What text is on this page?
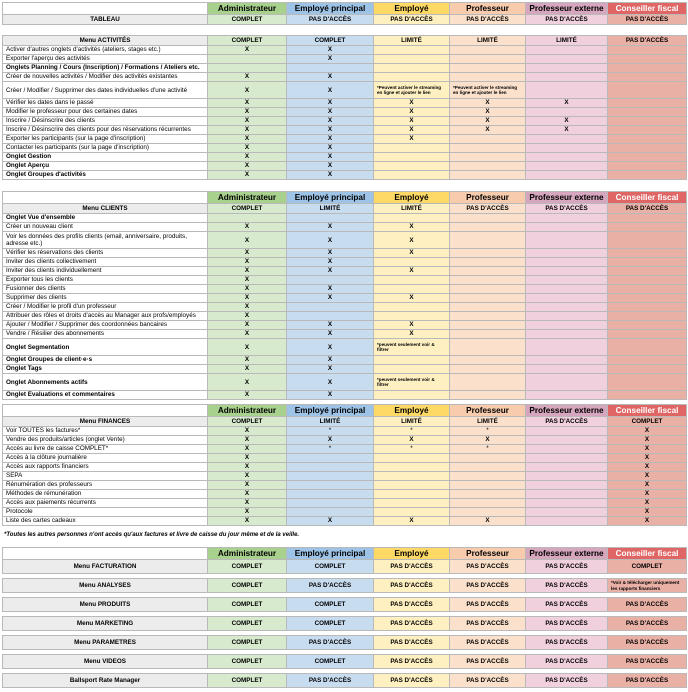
	Administrateur	Employé principal	Employé	Professeur	Professeur externe	Conseiller fiscal
TABLEAU	COMPLET	PAS D'ACCÈS	PAS D'ACCÈS	PAS D'ACCÈS	PAS D'ACCÈS	PAS D'ACCÈS

Menu ACTIVITÉS	COMPLET	COMPLET	LIMITÉ	LIMITÉ	LIMITÉ	PAS D'ACCÈS
Activer d'autres onglets d'activités (ateliers, stages etc.)	X	X				
Exporter l'aperçu des activités		X				
Onglets Planning / Cours (Inscription) / Formations / Ateliers etc.						
Créer de nouvelles activités / Modifier des activités existantes	X	X				
Créer / Modifier / Supprimer des dates individuelles d'une activité	X	X	*Peuvent activer le streaming en ligne et ajouter le lien	*Peuvent activer le streaming en ligne et ajouter le lien		
Vérifier les dates dans le passé	X	X	X	X	X	
Modifier le professeur pour des certaines dates	X	X	X	X		
Inscrire / Désinscrire des clients	X	X	X	X	X	
Inscrire / Désinscrire des clients pour des réservations récurrentes	X	X	X	X	X	
Exporter les participants (sur la page d'inscription)	X	X	X			
Contacter les participants (sur la page d'inscription)	X	X				
Onglet Gestion	X	X				
Onglet Aperçu	X	X				
Onglet Groupes d'activités	X	X				
	Administrateur	Employé principal	Employé	Professeur	Professeur externe	Conseiller fiscal
Menu CLIENTS	COMPLET	LIMITÉ	LIMITÉ	PAS D'ACCÈS	PAS D'ACCÈS	PAS D'ACCÈS
Onglet Vue d'ensemble						
Créer un nouveau client	X	X	X			
Voir les données des profils clients (email, anniversaire, produits, adresse etc.)	X	X	X			
Vérifier les réservations des clients	X	X	X			
Inviter des clients collectivement	X	X				
Inviter des clients individuellement	X	X	X			
Exporter tous les clients	X					
Fusionner des clients	X	X				
Supprimer des clients	X	X	X			
Créer / Modifier le profil d'un professeur	X					
Attribuer des rôles et droits d'accès au Manager aux profs/employés	X					
Ajouter / Modifier / Supprimer des coordonnées bancaires	X	X	X			
Vendre / Résilier des abonnements	X	X	X			
Onglet Segmentation	X	X	*peuvent seulement voir & filtrer			
Onglet Groupes de client·e·s	X	X				
Onglet Tags	X	X				
Onglet Abonnements actifs	X	X	*peuvent seulement voir & filtrer			
Onglet Evaluations et commentaires	X	X				
	Administrateur	Employé principal	Employé	Professeur	Professeur externe	Conseiller fiscal
Menu FINANCES	COMPLET	LIMITÉ	LIMITÉ	LIMITÉ	PAS D'ACCÈS	COMPLET
Voir TOUTES les factures*	X	*	*	*		X
Vendre des produits/articles (onglet Vente)	X	X	X	X		X
Accès au livre de caisse COMPLET*	X	*	*	*		X
Accès à la clôture journalière	X					X
Accès aux rapports financiers	X					X
SEPA	X					X
Rénumération des professeurs	X					X
Méthodes de rémunération	X					X
Accès aux paiements récurrents	X					X
Protocole	X					X
Liste des cartes cadeaux	X	X	X	X		X
*Toutes les autres personnes n'ont accès qu'aux factures et livre de caisse du jour même et de la veille.
	Administrateur	Employé principal	Employé	Professeur	Professeur externe	Conseiller fiscal
Menu FACTURATION	COMPLET	COMPLET	PAS D'ACCÈS	PAS D'ACCÈS	PAS D'ACCÈS	COMPLET

Menu ANALYSES	COMPLET	PAS D'ACCÈS	PAS D'ACCÈS	PAS D'ACCÈS	PAS D'ACCÈS	*Voir & télécharger uniquement les rapports financiers

Menu PRODUITS	COMPLET	COMPLET	PAS D'ACCÈS	PAS D'ACCÈS	PAS D'ACCÈS	PAS D'ACCÈS

Menu MARKETING	COMPLET	COMPLET	PAS D'ACCÈS	PAS D'ACCÈS	PAS D'ACCÈS	PAS D'ACCÈS

Menu PARAMETRES	COMPLET	PAS D'ACCÈS	PAS D'ACCÈS	PAS D'ACCÈS	PAS D'ACCÈS	PAS D'ACCÈS

Menu VIDEOS	COMPLET	COMPLET	PAS D'ACCÈS	PAS D'ACCÈS	PAS D'ACCÈS	PAS D'ACCÈS

Ballsport Rate Manager	COMPLET	PAS D'ACCÈS	PAS D'ACCÈS	PAS D'ACCÈS	PAS D'ACCÈS	PAS D'ACCÈS
